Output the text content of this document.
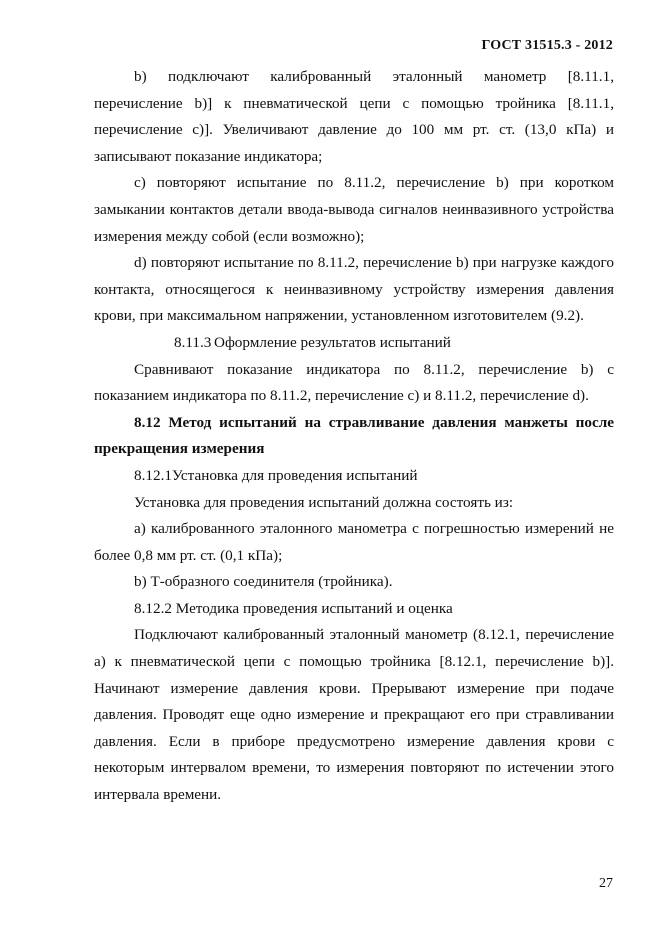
ГОСТ 31515.3 - 2012

b) подключают калиброванный эталонный манометр [8.11.1, перечисление b)] к пневматической цепи с помощью тройника [8.11.1, перечисление c)]. Увеличивают давление до 100 мм рт. ст. (13,0 кПа) и записывают показание индикатора;

c) повторяют испытание по 8.11.2, перечисление b) при коротком замыкании контактов детали ввода-вывода сигналов неинвазивного устройства измерения между собой (если возможно);

d) повторяют испытание по 8.11.2, перечисление b) при нагрузке каждого контакта, относящегося к неинвазивному устройству измерения давления крови, при максимальном напряжении, установленном изготовителем (9.2).

8.11.3 Оформление результатов испытаний

Сравнивают показание индикатора по 8.11.2, перечисление b) с показанием индикатора по 8.11.2, перечисление c) и 8.11.2, перечисление d).

8.12 Метод испытаний на стравливание давления манжеты после прекращения измерения

8.12.1Установка для проведения испытаний

Установка для проведения испытаний должна состоять из:

a) калиброванного эталонного манометра с погрешностью измерений не более 0,8 мм рт. ст. (0,1 кПа);

b) Т-образного соединителя (тройника).

8.12.2 Методика проведения испытаний и оценка

Подключают калиброванный эталонный манометр (8.12.1, перечисление a) к пневматической цепи с помощью тройника [8.12.1, перечисление b)]. Начинают измерение давления крови. Прерывают измерение при подаче давления. Проводят еще одно измерение и прекращают его при стравливании давления. Если в приборе предусмотрено измерение давления крови с некоторым интервалом времени, то измерения повторяют по истечении этого интервала времени.

27
